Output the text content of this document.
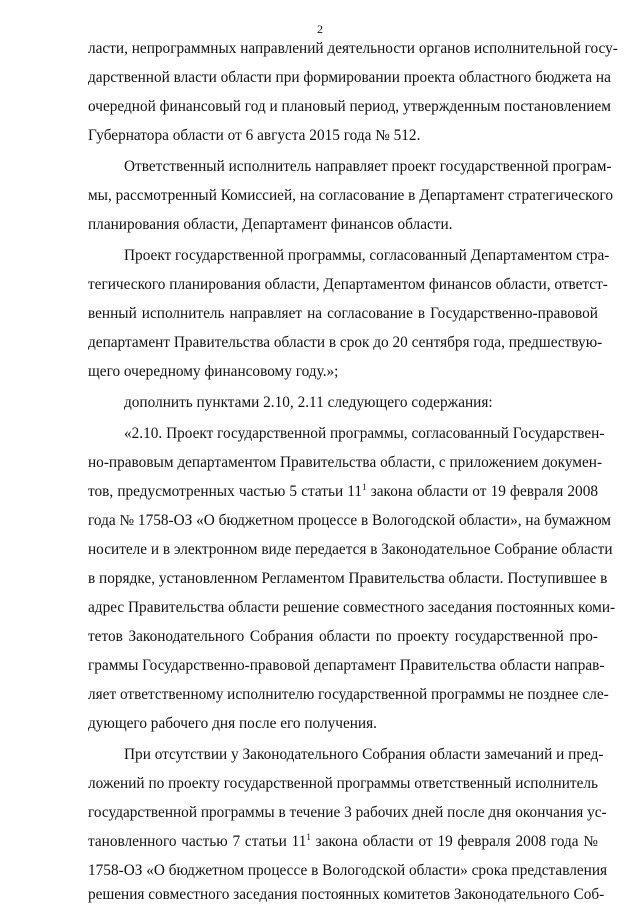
2
ласти, непрограммных направлений деятельности органов исполнительной госу-
дарственной власти области при формировании проекта областного бюджета на
очередной финансовый год и плановый период, утвержденным постановлением
Губернатора области от 6 августа 2015 года № 512.
Ответственный исполнитель направляет проект государственной програм-
мы, рассмотренный Комиссией, на согласование в Департамент стратегического
планирования области, Департамент финансов области.
Проект государственной программы, согласованный Департаментом стра-
тегического планирования области, Департаментом финансов области, ответст-
венный исполнитель направляет на согласование в Государственно-правовой
департамент Правительства области в срок до 20 сентября года, предшествую-
щего очередному финансовому году.»;
дополнить пунктами 2.10, 2.11 следующего содержания:
«2.10. Проект государственной программы, согласованный Государствен-
но-правовым департаментом Правительства области, с приложением докумен-
тов, предусмотренных частью 5 статьи $11^1$ закона области от 19 февраля 2008
года № 1758-ОЗ «О бюджетном процессе в Вологодской области», на бумажном
носителе и в электронном виде передается в Законодательное Собрание области
в порядке, установленном Регламентом Правительства области. Поступившее в
адрес Правительства области решение совместного заседания постоянных коми-
тетов Законодательного Собрания области по проекту государственной про-
граммы Государственно-правовой департамент Правительства области направ-
ляет ответственному исполнителю государственной программы не позднее сле-
дующего рабочего дня после его получения.
При отсутствии у Законодательного Собрания области замечаний и пред-
ложений по проекту государственной программы ответственный исполнитель
государственной программы в течение 3 рабочих дней после дня окончания ус-
тановленного частью 7 статьи $11^1$ закона области от 19 февраля 2008 года №
1758-ОЗ «О бюджетном процессе в Вологодской области» срока представления
решения совместного заседания постоянных комитетов Законодательного Соб-
